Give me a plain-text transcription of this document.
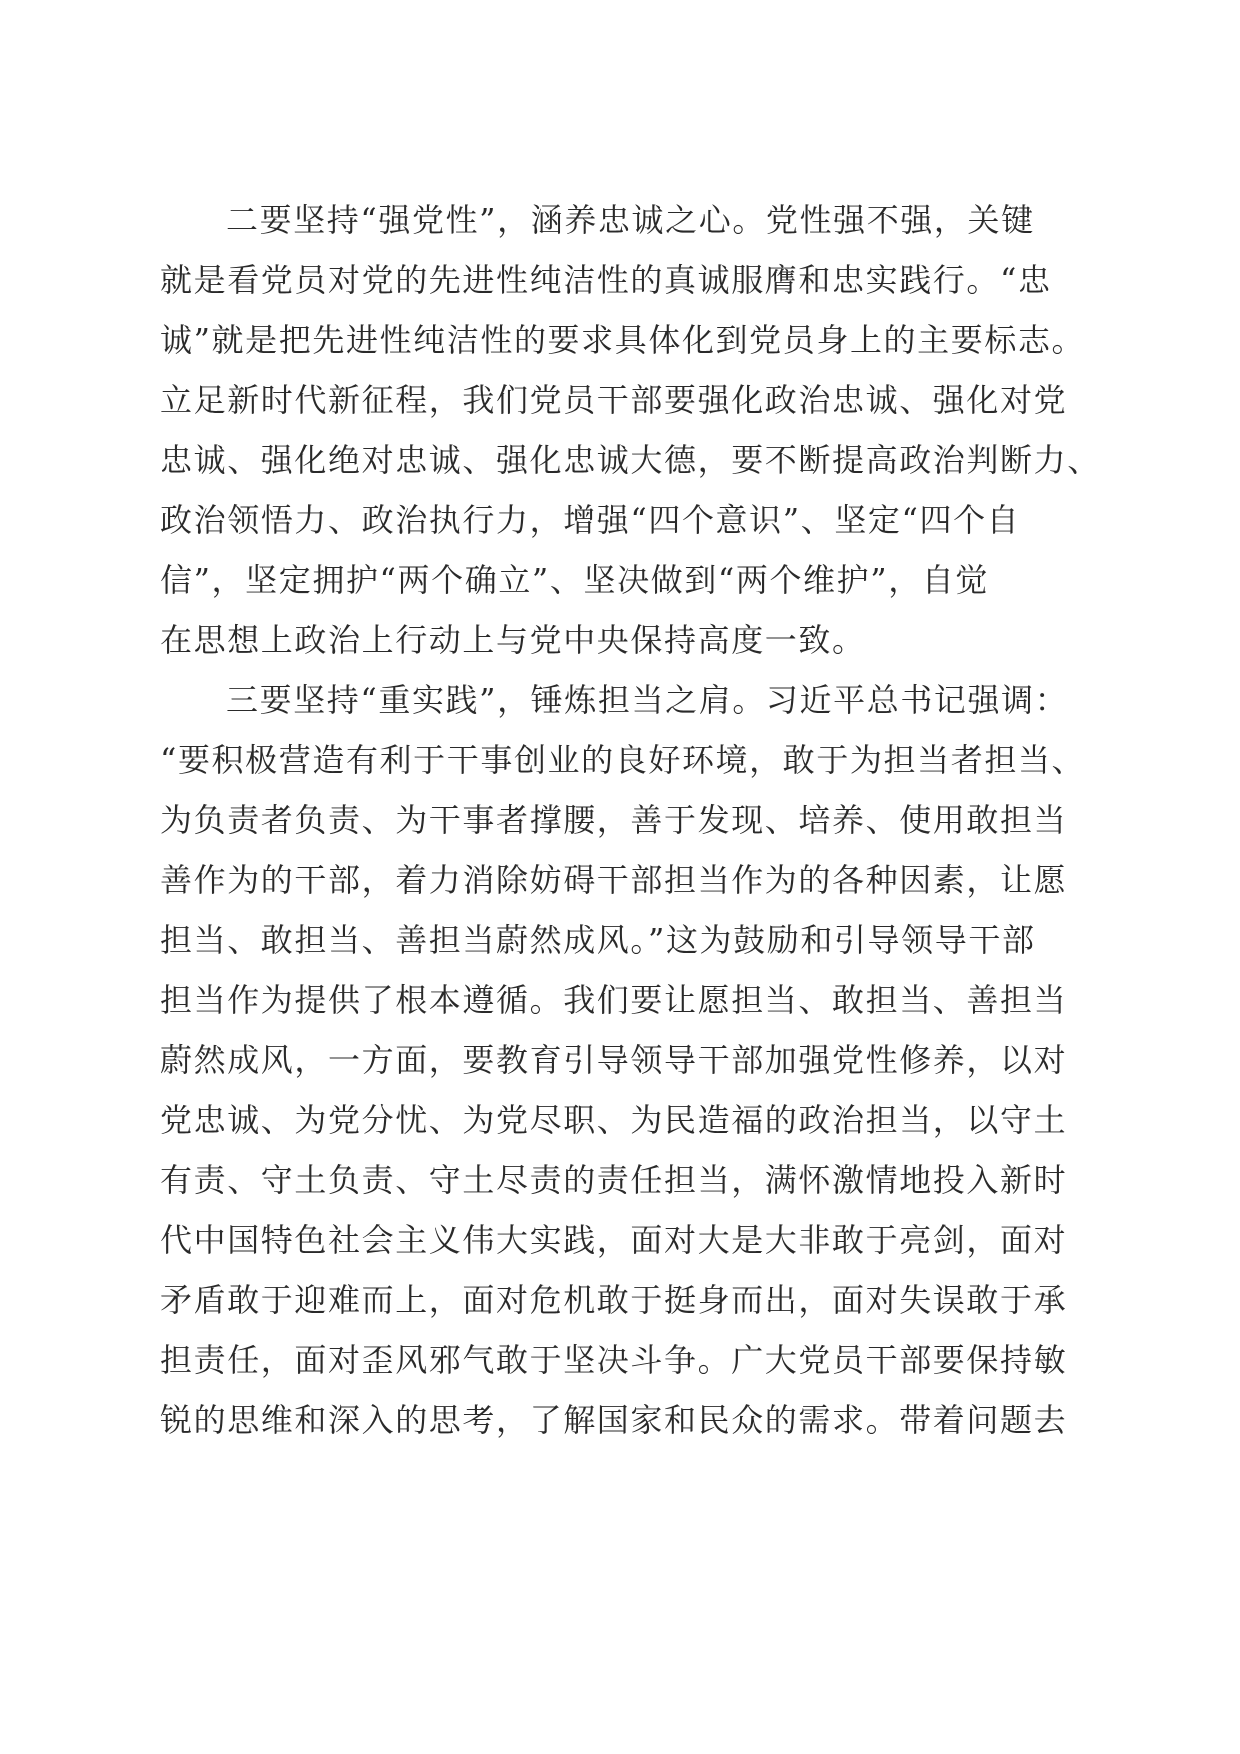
二要坚持“强党性”，涵养忠诚之心。党性强不强，关键
就是看党员对党的先进性纯洁性的真诚服膺和忠实践行。“忠
诚”就是把先进性纯洁性的要求具体化到党员身上的主要标志。
立足新时代新征程，我们党员干部要强化政治忠诚、强化对党
忠诚、强化绝对忠诚、强化忠诚大德，要不断提高政治判断力、
政治领悟力、政治执行力，增强“四个意识”、坚定“四个自
信”，坚定拥护“两个确立”、坚决做到“两个维护”，自觉
在思想上政治上行动上与党中央保持高度一致。
三要坚持“重实践”，锤炼担当之肩。习近平总书记强调：
“要积极营造有利于干事创业的良好环境，敢于为担当者担当、
为负责者负责、为干事者撑腰，善于发现、培养、使用敢担当
善作为的干部，着力消除妨碍干部担当作为的各种因素，让愿
担当、敢担当、善担当蔚然成风。”这为鼓励和引导领导干部
担当作为提供了根本遵循。我们要让愿担当、敢担当、善担当
蔚然成风，一方面，要教育引导领导干部加强党性修养，以对
党忠诚、为党分忧、为党尽职、为民造福的政治担当，以守土
有责、守土负责、守土尽责的责任担当，满怀激情地投入新时
代中国特色社会主义伟大实践，面对大是大非敢于亮剑，面对
矛盾敢于迎难而上，面对危机敢于挺身而出，面对失误敢于承
担责任，面对歪风邪气敢于坚决斗争。广大党员干部要保持敏
锐的思维和深入的思考，了解国家和民众的需求。带着问题去
